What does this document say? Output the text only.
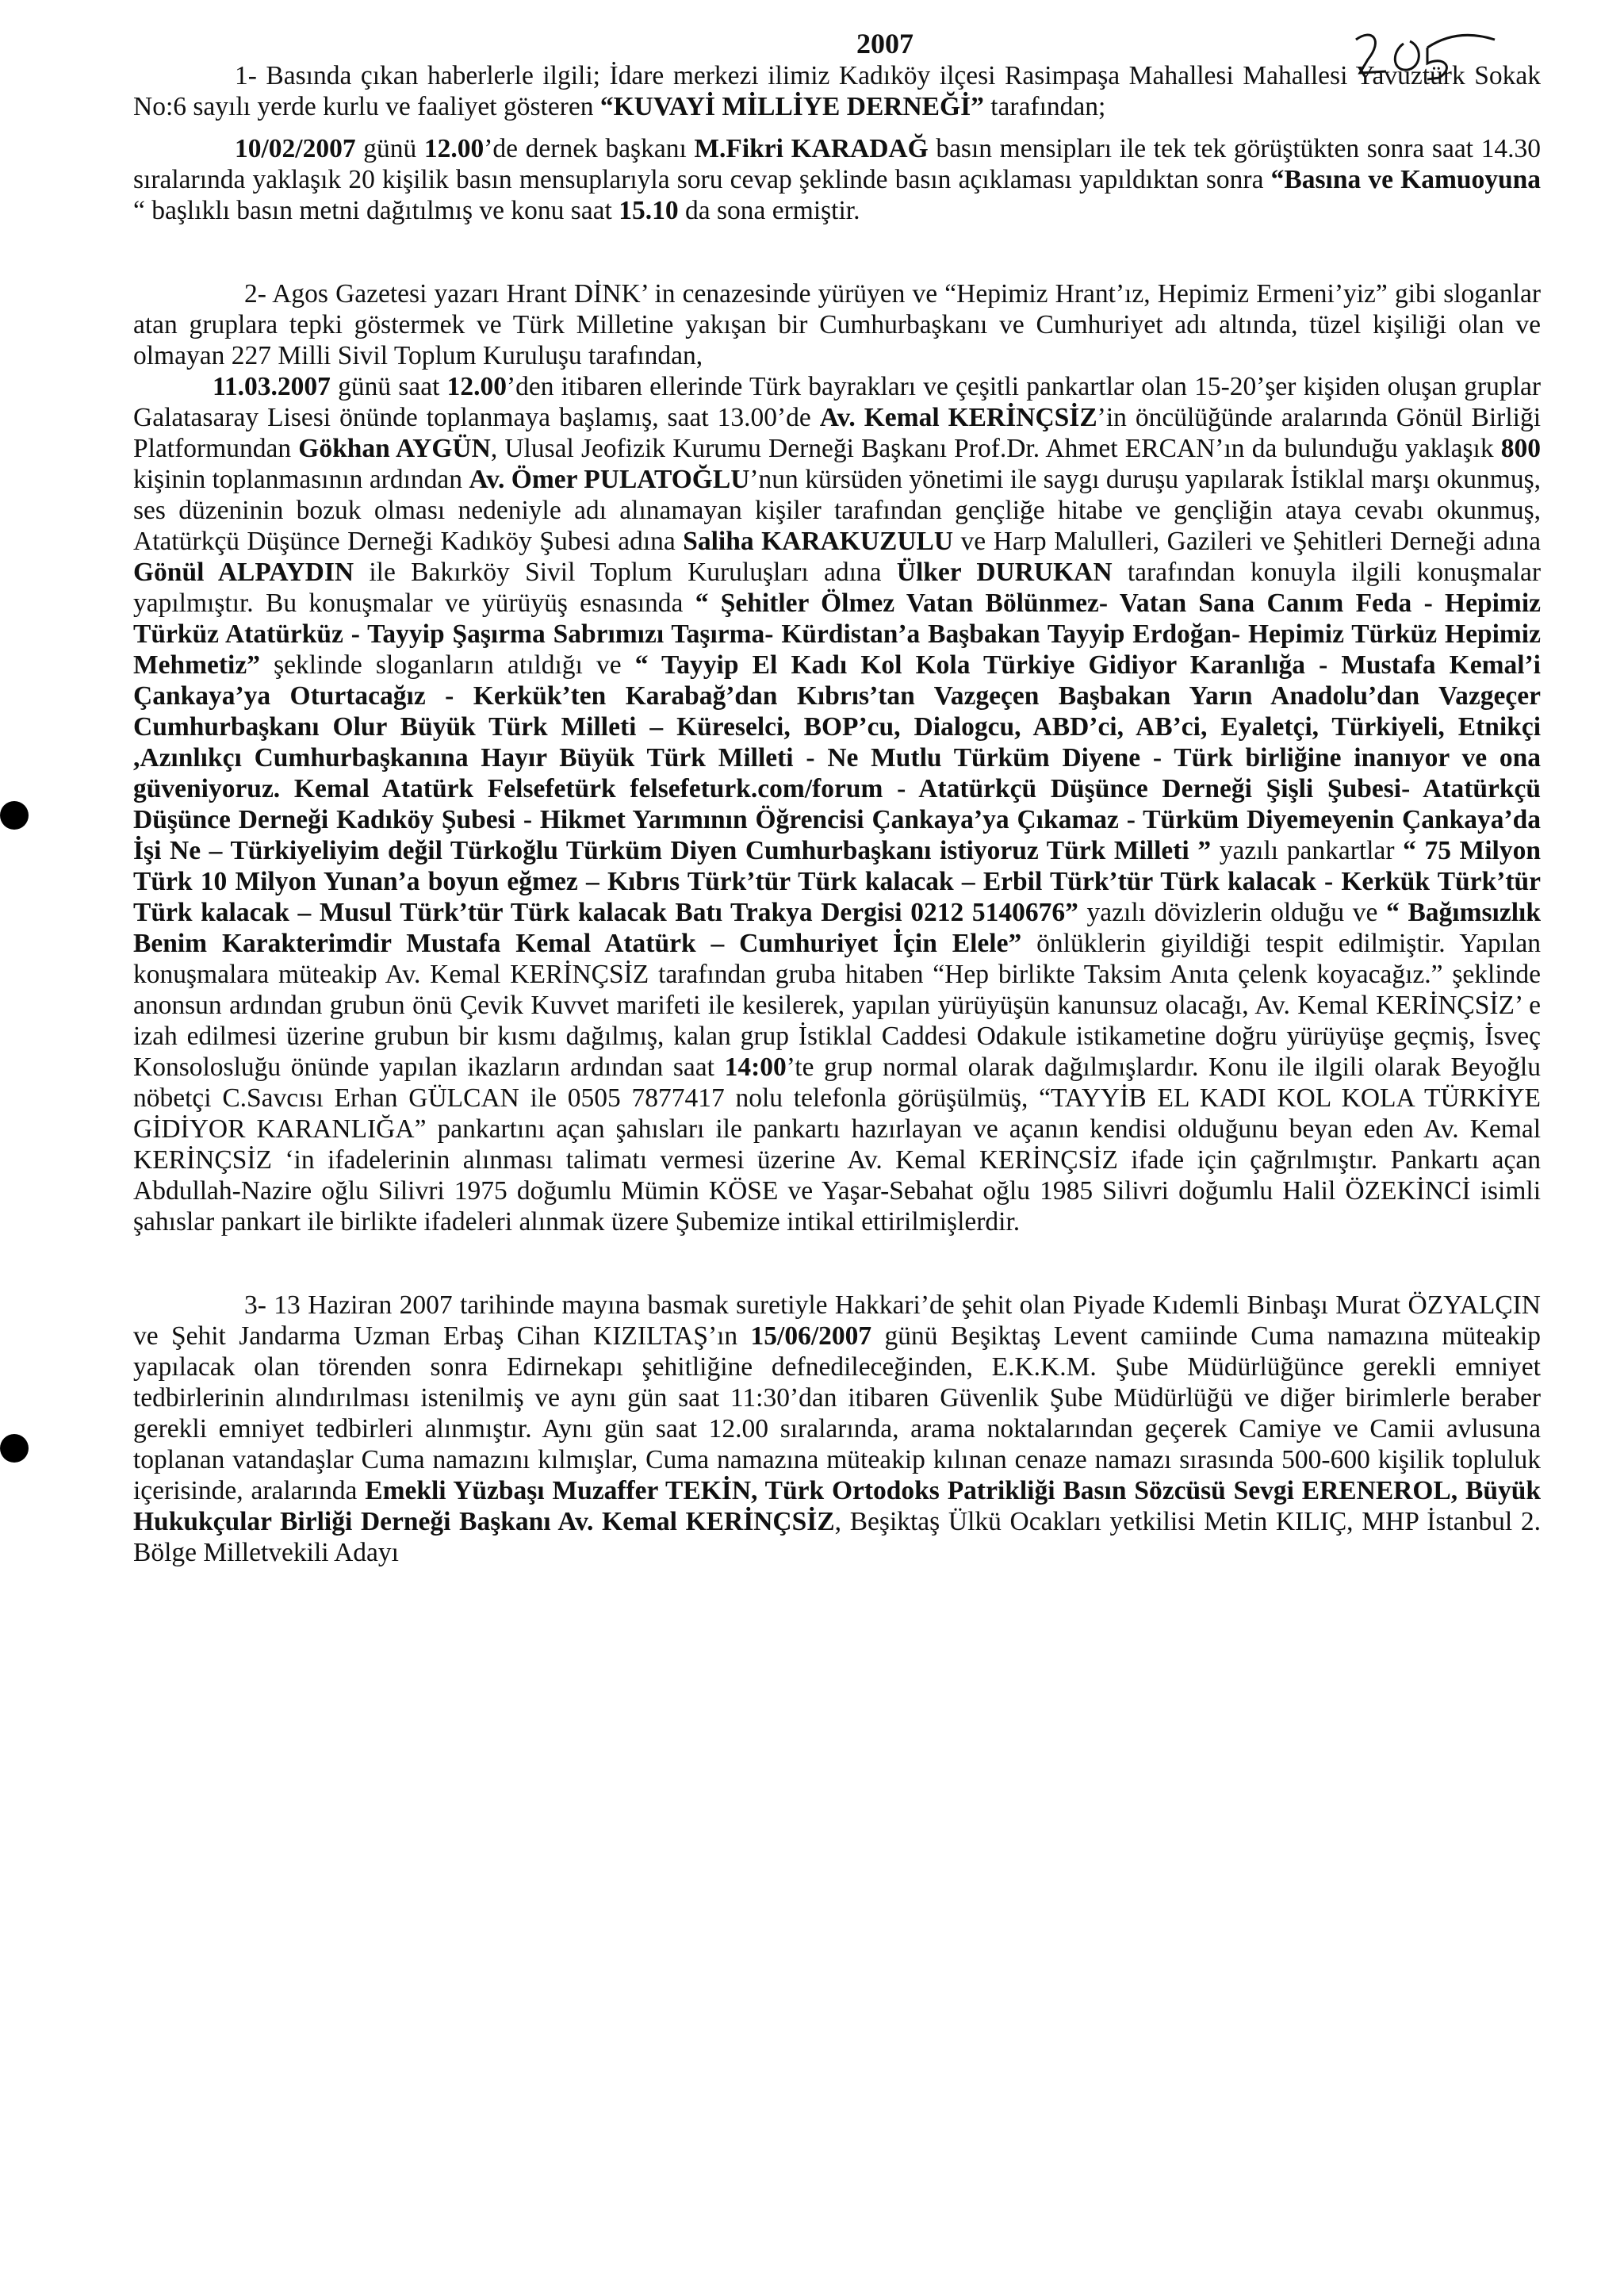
2007

1- Basında çıkan haberlerle ilgili; İdare merkezi ilimiz Kadıköy ilçesi Rasimpaşa Mahallesi Mahallesi Yavuztürk Sokak No:6 sayılı yerde kurlu ve faaliyet gösteren “KUVAYİ MİLLİYE DERNEĞİ” tarafından;

10/02/2007 günü 12.00’de dernek başkanı M.Fikri KARADAĞ basın mensipları ile tek tek görüştükten sonra saat 14.30 sıralarında yaklaşık 20 kişilik basın mensuplarıyla soru cevap şeklinde basın açıklaması yapıldıktan sonra “Basına ve Kamuoyuna “ başlıklı basın metni dağıtılmış ve konu saat 15.10 da sona ermiştir.

2- Agos Gazetesi yazarı Hrant DİNK’ in cenazesinde yürüyen ve “Hepimiz Hrant’ız, Hepimiz Ermeni’yiz” gibi sloganlar atan gruplara tepki göstermek ve Türk Milletine yakışan bir Cumhurbaşkanı ve Cumhuriyet adı altında, tüzel kişiliği olan ve olmayan 227 Milli Sivil Toplum Kuruluşu tarafından,

11.03.2007 günü saat 12.00’den itibaren ellerinde Türk bayrakları ve çeşitli pankartlar olan 15-20’şer kişiden oluşan gruplar Galatasaray Lisesi önünde toplanmaya başlamış, saat 13.00’de Av. Kemal KERİNÇSİZ’in öncülüğünde aralarında Gönül Birliği Platformundan Gökhan AYGÜN, Ulusal Jeofizik Kurumu Derneği Başkanı Prof.Dr. Ahmet ERCAN’ın da bulunduğu yaklaşık 800 kişinin toplanmasının ardından Av. Ömer PULATOĞLU’nun kürsüden yönetimi ile saygı duruşu yapılarak İstiklal marşı okunmuş, ses düzeninin bozuk olması nedeniyle adı alınamayan kişiler tarafından gençliğe hitabe ve gençliğin ataya cevabı okunmuş, Atatürkçü Düşünce Derneği Kadıköy Şubesi adına Saliha KARAKUZULU ve Harp Malulleri, Gazileri ve Şehitleri Derneği adına Gönül ALPAYDIN ile Bakırköy Sivil Toplum Kuruluşları adına Ülker DURUKAN tarafından konuyla ilgili konuşmalar yapılmıştır. Bu konuşmalar ve yürüyüş esnasında “ Şehitler Ölmez Vatan Bölünmez- Vatan Sana Canım Feda - Hepimiz Türküz Atatürküz - Tayyip Şaşırma Sabrımızı Taşırma- Kürdistan’a Başbakan Tayyip Erdoğan- Hepimiz Türküz Hepimiz Mehmetiz” şeklinde sloganların atıldığı ve “ Tayyip El Kadı Kol Kola Türkiye Gidiyor Karanlığa - Mustafa Kemal’i Çankaya’ya Oturtacağız - Kerkük’ten Karabağ’dan Kıbrıs’tan Vazgeçen Başbakan Yarın Anadolu’dan Vazgeçer Cumhurbaşkanı Olur Büyük Türk Milleti – Küreselci, BOP’cu, Dialogcu, ABD’ci, AB’ci, Eyaletçi, Türkiyeli, Etnikçi ,Azınlıkçı Cumhurbaşkanına Hayır Büyük Türk Milleti - Ne Mutlu Türküm Diyene - Türk birliğine inanıyor ve ona güveniyoruz. Kemal Atatürk Felsefetürk felsefeturk.com/forum - Atatürkçü Düşünce Derneği Şişli Şubesi- Atatürkçü Düşünce Derneği Kadıköy Şubesi - Hikmet Yarımının Öğrencisi Çankaya’ya Çıkamaz - Türküm Diyemeyenin Çankaya’da İşi Ne – Türkiyeliyim değil Türkoğlu Türküm Diyen Cumhurbaşkanı istiyoruz Türk Milleti ” yazılı pankartlar “ 75 Milyon Türk 10 Milyon Yunan’a boyun eğmez – Kıbrıs Türk’tür Türk kalacak – Erbil Türk’tür Türk kalacak - Kerkük Türk’tür Türk kalacak – Musul Türk’tür Türk kalacak Batı Trakya Dergisi 0212 5140676” yazılı dövizlerin olduğu ve “ Bağımsızlık Benim Karakterimdir Mustafa Kemal Atatürk – Cumhuriyet İçin Elele” önlüklerin giyildiği tespit edilmiştir. Yapılan konuşmalara müteakip Av. Kemal KERİNÇSİZ tarafından gruba hitaben “Hep birlikte Taksim Anıta çelenk koyacağız.” şeklinde anonsun ardından grubun önü Çevik Kuvvet marifeti ile kesilerek, yapılan yürüyüşün kanunsuz olacağı, Av. Kemal KERİNÇSİZ’ e izah edilmesi üzerine grubun bir kısmı dağılmış, kalan grup İstiklal Caddesi Odakule istikametine doğru yürüyüşe geçmiş, İsveç Konsolosluğu önünde yapılan ikazların ardından saat 14:00’te grup normal olarak dağılmışlardır. Konu ile ilgili olarak Beyoğlu nöbetçi C.Savcısı Erhan GÜLCAN ile 0505 7877417 nolu telefonla görüşülmüş, “TAYYİB EL KADI KOL KOLA TÜRKİYE GİDİYOR KARANLIĞA” pankartını açan şahısları ile pankartı hazırlayan ve açanın kendisi olduğunu beyan eden Av. Kemal KERİNÇSİZ ‘in ifadelerinin alınması talimatı vermesi üzerine Av. Kemal KERİNÇSİZ ifade için çağrılmıştır. Pankartı açan Abdullah-Nazire oğlu Silivri 1975 doğumlu Mümin KÖSE ve Yaşar-Sebahat oğlu 1985 Silivri doğumlu Halil ÖZEKİNCİ isimli şahıslar pankart ile birlikte ifadeleri alınmak üzere Şubemize intikal ettirilmişlerdir.

3- 13 Haziran 2007 tarihinde mayına basmak suretiyle Hakkari’de şehit olan Piyade Kıdemli Binbaşı Murat ÖZYALÇIN ve Şehit Jandarma Uzman Erbaş Cihan KIZILTAŞ’ın 15/06/2007 günü Beşiktaş Levent camiinde Cuma namazına müteakip yapılacak olan törenden sonra Edirnekapı şehitliğine defnedileceğinden, E.K.K.M. Şube Müdürlüğünce gerekli emniyet tedbirlerinin alındırılması istenilmiş ve aynı gün saat 11:30’dan itibaren Güvenlik Şube Müdürlüğü ve diğer birimlerle beraber gerekli emniyet tedbirleri alınmıştır. Aynı gün saat 12.00 sıralarında, arama noktalarından geçerek Camiye ve Camii avlusuna toplanan vatandaşlar Cuma namazını kılmışlar, Cuma namazına müteakip kılınan cenaze namazı sırasında 500-600 kişilik topluluk içerisinde, aralarında Emekli Yüzbaşı Muzaffer TEKİN, Türk Ortodoks Patrikliği Basın Sözcüsü Sevgi ERENEROL, Büyük Hukukçular Birliği Derneği Başkanı Av. Kemal KERİNÇSİZ, Beşiktaş Ülkü Ocakları yetkilisi Metin KILIÇ, MHP İstanbul 2. Bölge Milletvekili Adayı
